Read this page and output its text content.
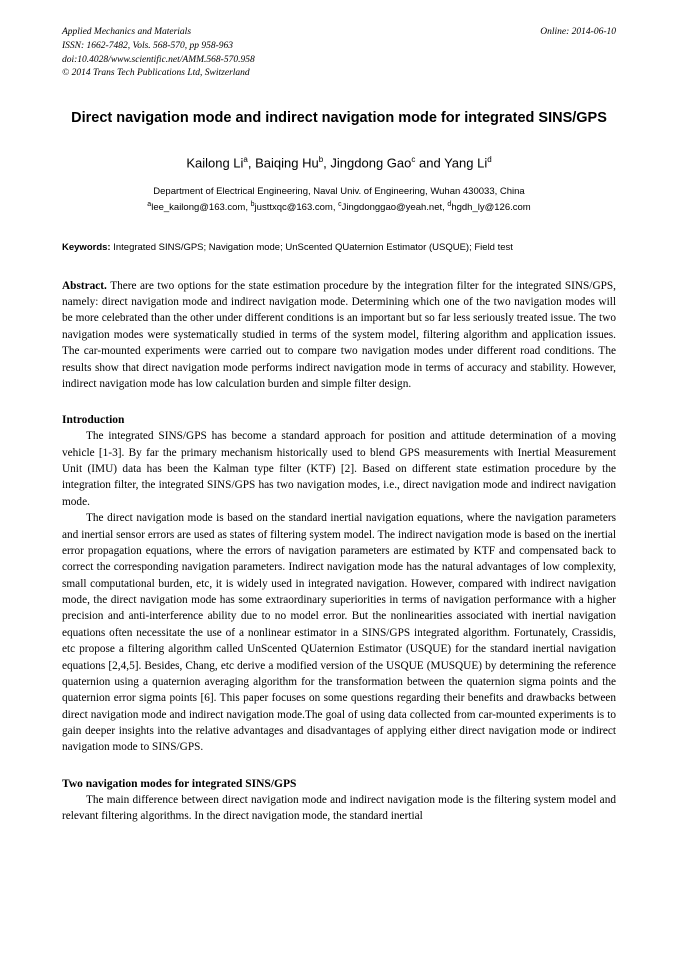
Applied Mechanics and Materials
ISSN: 1662-7482, Vols. 568-570, pp 958-963
doi:10.4028/www.scientific.net/AMM.568-570.958
© 2014 Trans Tech Publications Ltd, Switzerland
Online: 2014-06-10
Direct navigation mode and indirect navigation mode for integrated SINS/GPS
Kailong Li$^a$, Baiqing Hu$^b$, Jingdong Gao$^c$ and Yang Li$^d$
Department of Electrical Engineering, Naval Univ. of Engineering, Wuhan 430033, China
$^a$lee_kailong@163.com, $^b$justtxqc@163.com, $^c$Jingdonggao@yeah.net, $^d$hgdh_ly@126.com
Keywords: Integrated SINS/GPS; Navigation mode; UnScented QUaternion Estimator (USQUE); Field test
Abstract. There are two options for the state estimation procedure by the integration filter for the integrated SINS/GPS, namely: direct navigation mode and indirect navigation mode. Determining which one of the two navigation modes will be more celebrated than the other under different conditions is an important but so far less seriously treated issue. The two navigation modes were systematically studied in terms of the system model, filtering algorithm and application issues. The car-mounted experiments were carried out to compare two navigation modes under different road conditions. The results show that direct navigation mode performs indirect navigation mode in terms of accuracy and stability. However, indirect navigation mode has low calculation burden and simple filter design.
Introduction

The integrated SINS/GPS has become a standard approach for position and attitude determination of a moving vehicle [1-3]. By far the primary mechanism historically used to blend GPS measurements with Inertial Measurement Unit (IMU) data has been the Kalman type filter (KTF) [2]. Based on different state estimation procedure by the integration filter, the integrated SINS/GPS has two navigation modes, i.e., direct navigation mode and indirect navigation mode.

The direct navigation mode is based on the standard inertial navigation equations, where the navigation parameters and inertial sensor errors are used as states of filtering system model. The indirect navigation mode is based on the inertial error propagation equations, where the errors of navigation parameters are estimated by KTF and compensated back to correct the corresponding navigation parameters. Indirect navigation mode has the natural advantages of low complexity, small computational burden, etc, it is widely used in integrated navigation. However, compared with indirect navigation mode, the direct navigation mode has some extraordinary superiorities in terms of navigation performance with a higher precision and anti-interference ability due to no model error. But the nonlinearities associated with inertial navigation equations often necessitate the use of a nonlinear estimator in a SINS/GPS integrated algorithm. Fortunately, Crassidis, etc propose a filtering algorithm called UnScented QUaternion Estimator (USQUE) for the standard inertial navigation equations [2,4,5]. Besides, Chang, etc derive a modified version of the USQUE (MUSQUE) by determining the reference quaternion using a quaternion averaging algorithm for the transformation between the quaternion sigma points and the quaternion error sigma points [6]. This paper focuses on some questions regarding their benefits and drawbacks between direct navigation mode and indirect navigation mode.The goal of using data collected from car-mounted experiments is to gain deeper insights into the relative advantages and disadvantages of applying either direct navigation mode or indirect navigation mode to SINS/GPS.

Two navigation modes for integrated SINS/GPS

The main difference between direct navigation mode and indirect navigation mode is the filtering system model and relevant filtering algorithms. In the direct navigation mode, the standard inertial
